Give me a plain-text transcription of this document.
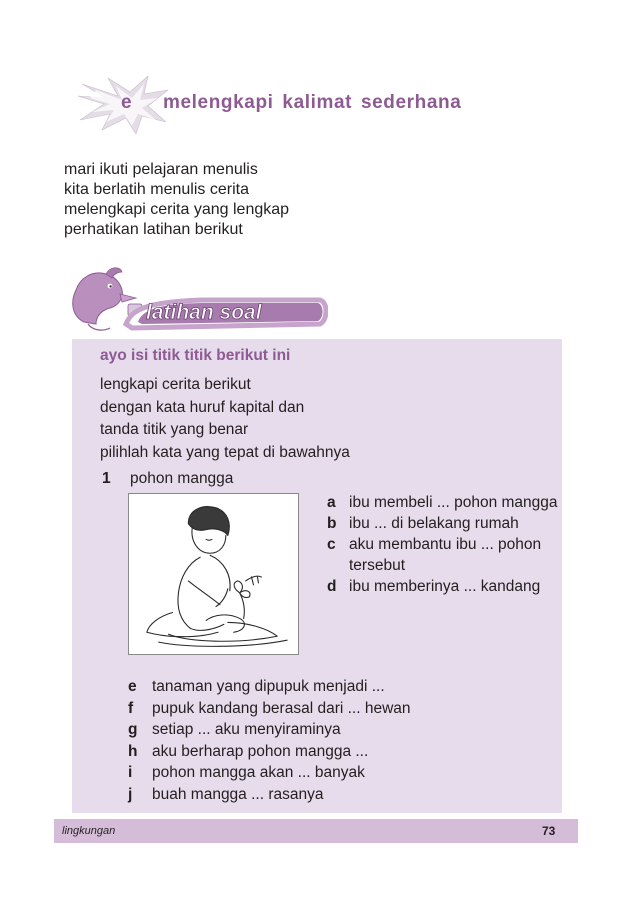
e melengkapi kalimat sederhana
mari ikuti pelajaran menulis
kita berlatih menulis cerita
melengkapi cerita yang lengkap
perhatikan latihan berikut
latihan soal
ayo isi titik titik berikut ini
lengkapi cerita berikut
dengan kata huruf kapital dan
tanda titik yang benar
pilihlah kata yang tepat di bawahnya
1 pohon mangga
a ibu membeli ... pohon mangga
b ibu ... di belakang rumah
c aku membantu ibu ... pohon tersebut
d ibu memberinya ... kandang
e tanaman yang dipupuk menjadi ...
f pupuk kandang berasal dari ... hewan
g setiap ... aku menyiraminya
h aku berharap pohon mangga ...
i pohon mangga akan ... banyak
j buah mangga ... rasanya
lingkungan	73
